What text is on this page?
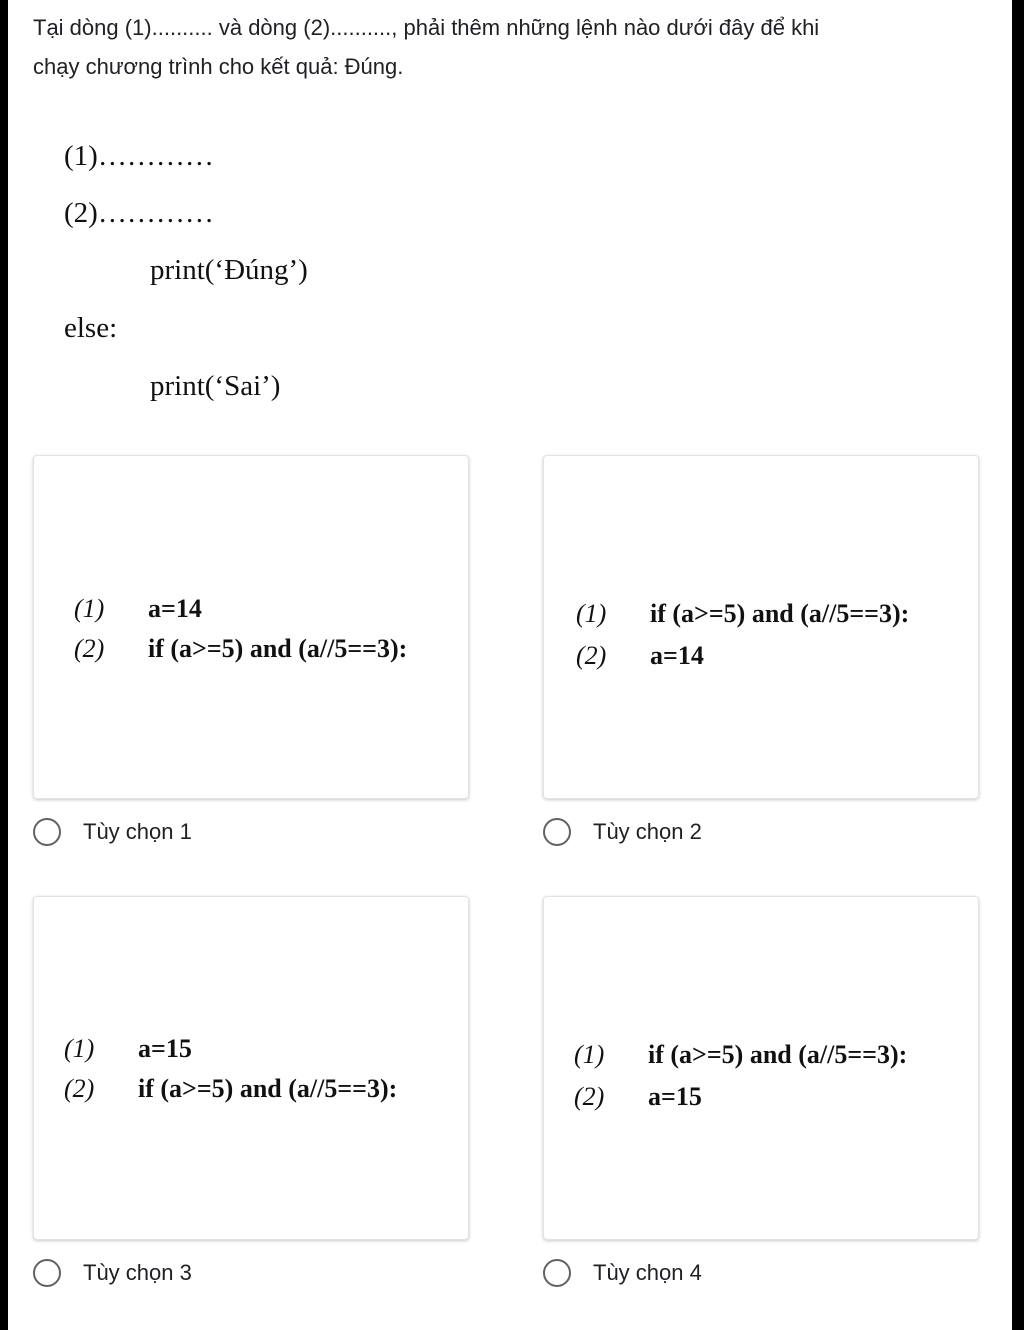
Tại dòng (1).......... và dòng (2).........., phải thêm những lệnh nào dưới đây để khi
chạy chương trình cho kết quả: Đúng.
(1)…………
(2)…………
print(‘Đúng’)
else:
print(‘Sai’)
(1) a=14
(2) if (a>=5) and (a//5==3):
Tùy chọn 1
(1) if (a>=5) and (a//5==3):
(2) a=14
Tùy chọn 2
(1) a=15
(2) if (a>=5) and (a//5==3):
Tùy chọn 3
(1) if (a>=5) and (a//5==3):
(2) a=15
Tùy chọn 4
